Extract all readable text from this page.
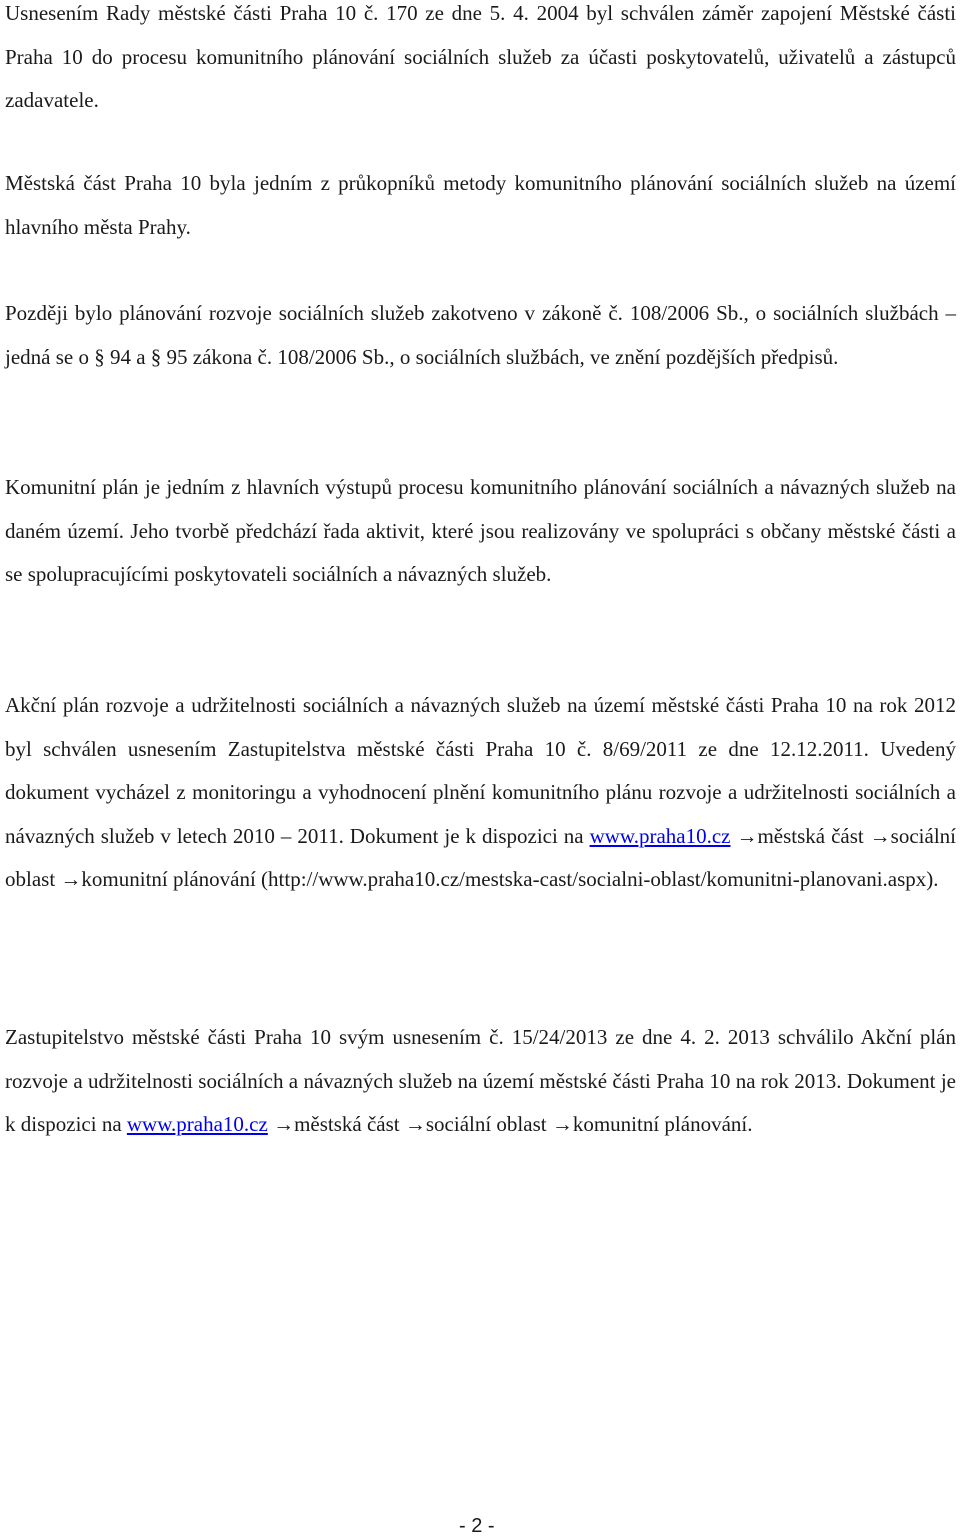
Usnesením Rady městské části Praha 10 č. 170 ze dne 5. 4. 2004 byl schválen záměr zapojení Městské části Praha 10 do procesu komunitního plánování sociálních služeb za účasti poskytovatelů, uživatelů a zástupců zadavatele.

Městská část Praha 10 byla jedním z průkopníků metody komunitního plánování sociálních služeb na území hlavního města Prahy.

Později bylo plánování rozvoje sociálních služeb zakotveno v zákoně č. 108/2006 Sb., o sociálních službách – jedná se o § 94 a § 95 zákona č. 108/2006 Sb., o sociálních službách, ve znění pozdějších předpisů.

Komunitní plán je jedním z hlavních výstupů procesu komunitního plánování sociálních a návazných služeb na daném území. Jeho tvorbě předchází řada aktivit, které jsou realizovány ve spolupráci s občany městské části a se spolupracujícími poskytovateli sociálních a návazných služeb.

Akční plán rozvoje a udržitelnosti sociálních a návazných služeb na území městské části Praha 10 na rok 2012 byl schválen usnesením Zastupitelstva městské části Praha 10 č. 8/69/2011 ze dne 12.12.2011. Uvedený dokument vycházel z monitoringu a vyhodnocení plnění komunitního plánu rozvoje a udržitelnosti sociálních a návazných služeb v letech 2010 – 2011. Dokument je k dispozici na www.praha10.cz →městská část →sociální oblast →komunitní plánování (http://www.praha10.cz/mestska-cast/socialni-oblast/komunitni-planovani.aspx).

Zastupitelstvo městské části Praha 10 svým usnesením č. 15/24/2013 ze dne 4. 2. 2013 schválilo Akční plán rozvoje a udržitelnosti sociálních a návazných služeb na území městské části Praha 10 na rok 2013. Dokument je k dispozici na www.praha10.cz →městská část →sociální oblast →komunitní plánování.

- 2 -
